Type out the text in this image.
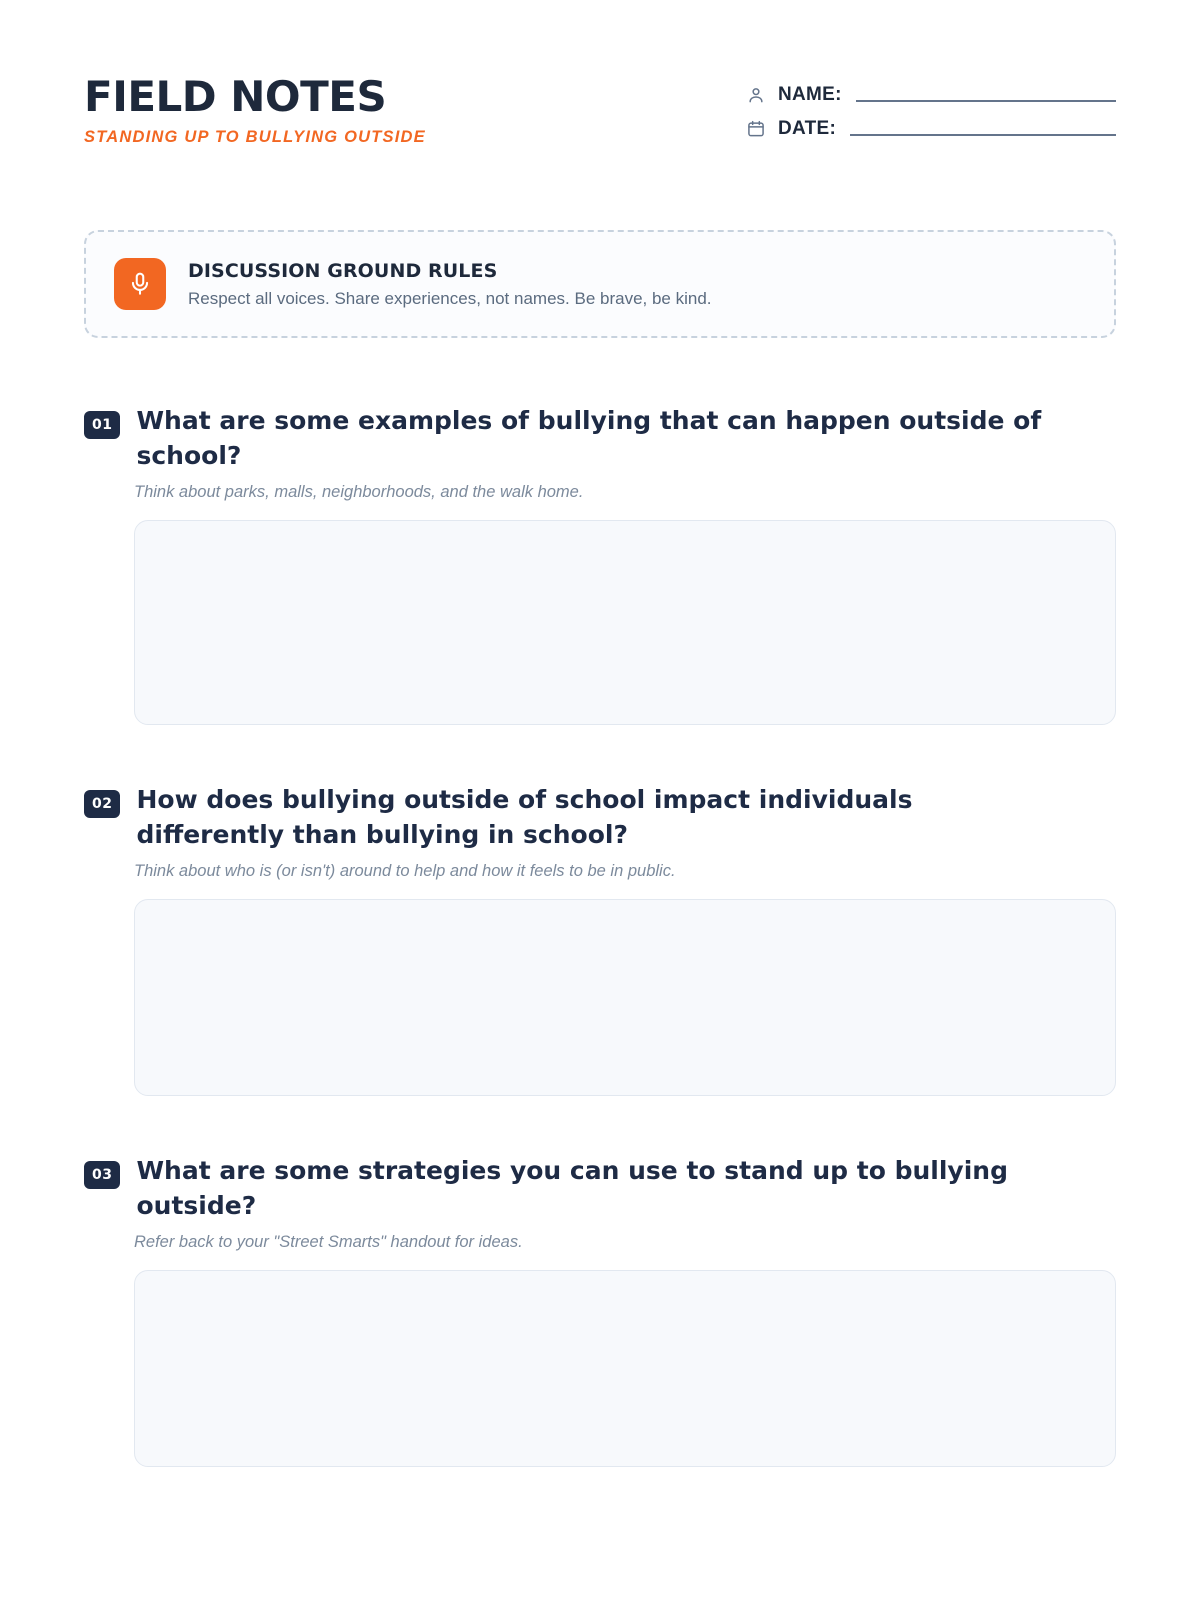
FIELD NOTES
STANDING UP TO BULLYING OUTSIDE
NAME:
DATE:
DISCUSSION GROUND RULES
Respect all voices. Share experiences, not names. Be brave, be kind.
01 What are some examples of bullying that can happen outside of school?
Think about parks, malls, neighborhoods, and the walk home.
02 How does bullying outside of school impact individuals differently than bullying in school?
Think about who is (or isn't) around to help and how it feels to be in public.
03 What are some strategies you can use to stand up to bullying outside?
Refer back to your "Street Smarts" handout for ideas.
